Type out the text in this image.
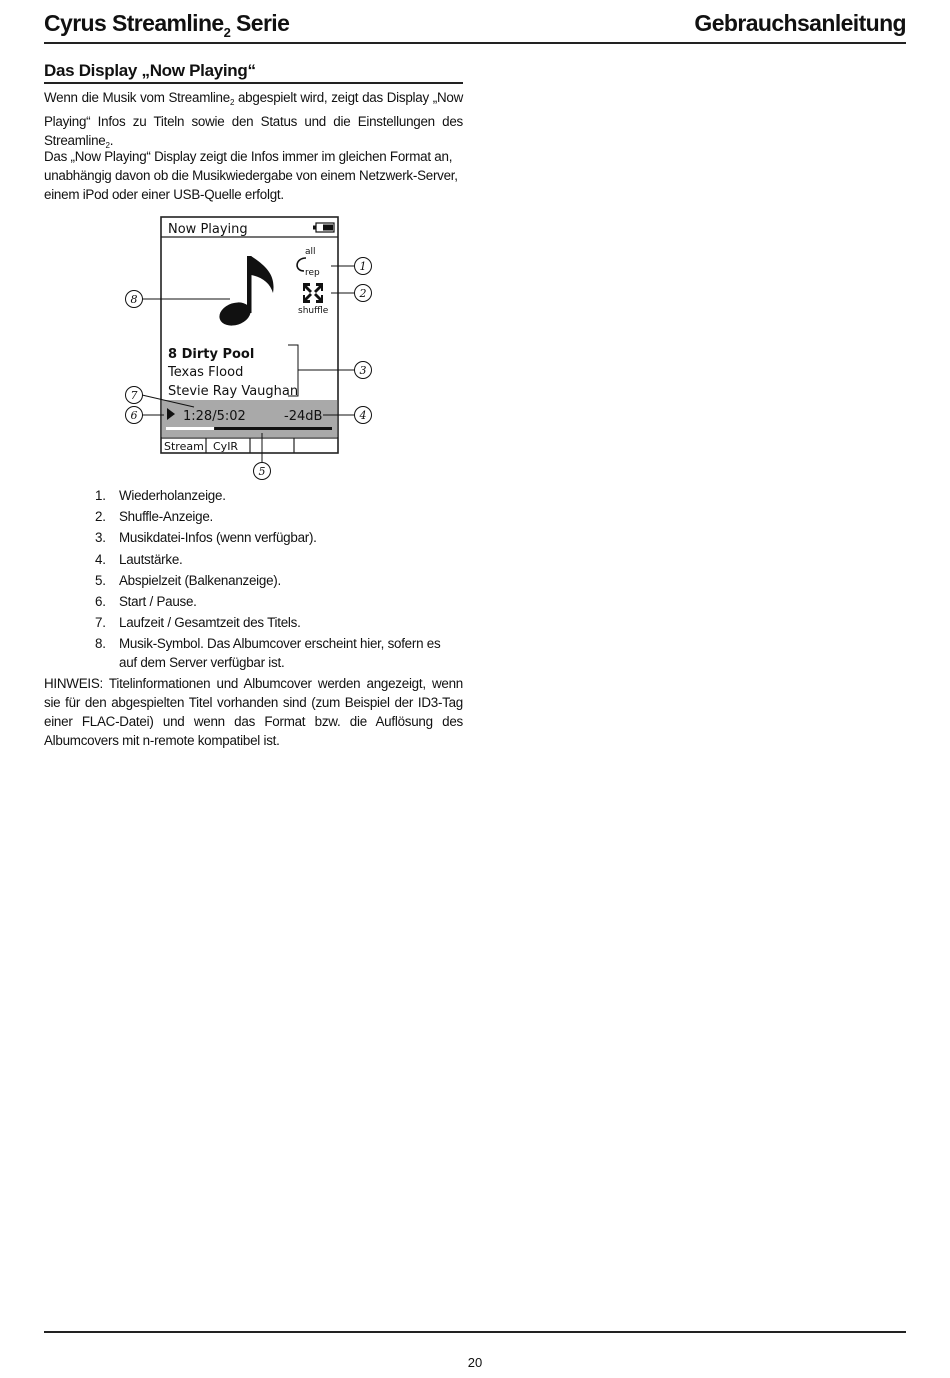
Cyrus Streamline$_2$ Serie	Gebrauchsanleitung
Das Display „Now Playing“
Wenn die Musik vom Streamline$_2$ abgespielt wird, zeigt das Display „Now Playing“ Infos zu Titeln sowie den Status und die Einstellungen des Streamline$_2$.
Das „Now Playing“ Display zeigt die Infos immer im gleichen Format an, unabhängig davon ob die Musikwiedergabe von einem Netzwerk-Server, einem iPod oder einer USB-Quelle erfolgt.
Now Playing
all
rep
shuffle
8 Dirty Pool
Texas Flood
Stevie Ray Vaughan
1:28/5:02	-24dB
Stream CyIR
1
2
3
4
5
6
7
8
1. Wiederholanzeige.
2. Shuffle-Anzeige.
3. Musikdatei-Infos (wenn verfügbar).
4. Lautstärke.
5. Abspielzeit (Balkenanzeige).
6. Start / Pause.
7. Laufzeit / Gesamtzeit des Titels.
8. Musik-Symbol. Das Albumcover erscheint hier, sofern es auf dem Server verfügbar ist.
HINWEIS: Titelinformationen und Albumcover werden angezeigt, wenn sie für den abgespielten Titel vorhanden sind (zum Beispiel der ID3-Tag einer FLAC-Datei) und wenn das Format bzw. die Auflösung des Albumcovers mit n-remote kompatibel ist.
20
